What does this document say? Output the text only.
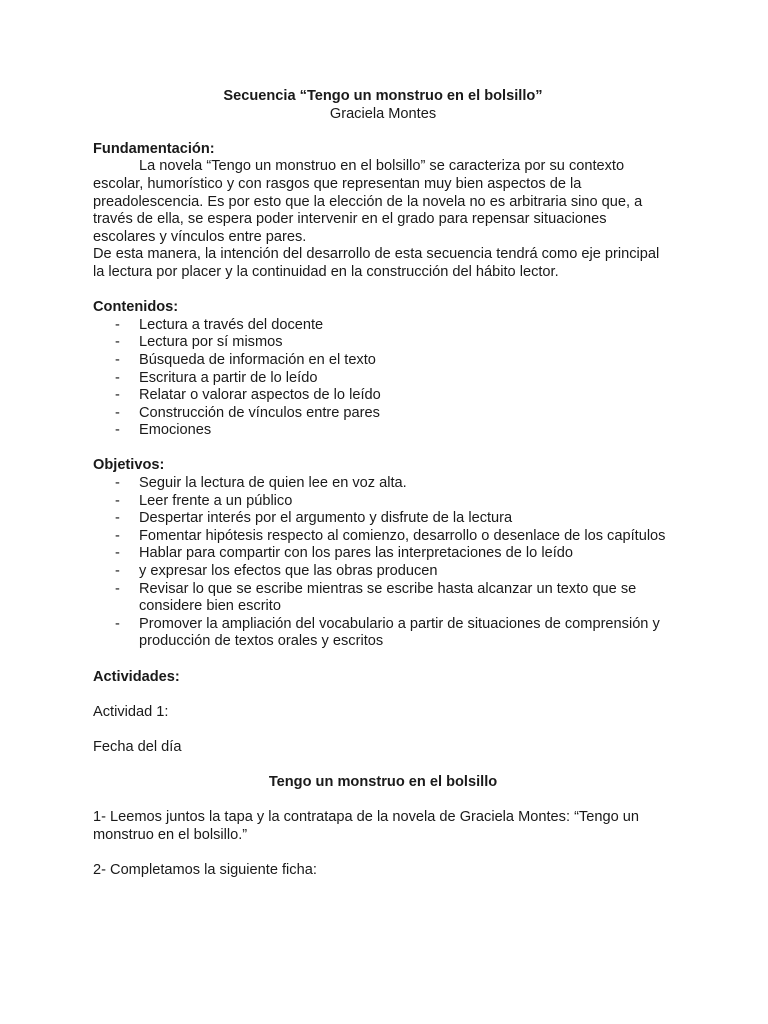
Secuencia “Tengo un monstruo en el bolsillo”

Graciela Montes

Fundamentación:

La novela “Tengo un monstruo en el bolsillo” se caracteriza por su contexto escolar, humorístico y con rasgos que representan muy bien aspectos de la preadolescencia. Es por esto que la elección de la novela no es arbitraria sino que, a través de ella, se espera poder intervenir en el grado para repensar situaciones escolares y vínculos entre pares.

De esta manera, la intención del desarrollo de esta secuencia tendrá como eje principal la lectura por placer y la continuidad en la construcción del hábito lector.

Contenidos:

- Lectura a través del docente
- Lectura por sí mismos
- Búsqueda de información en el texto
- Escritura a partir de lo leído
- Relatar o valorar aspectos de lo leído
- Construcción de vínculos entre pares
- Emociones

Objetivos:

- Seguir la lectura de quien lee en voz alta.
- Leer frente a un público
- Despertar interés por el argumento y disfrute de la lectura
- Fomentar hipótesis respecto al comienzo, desarrollo o desenlace de los capítulos
- Hablar para compartir con los pares las interpretaciones de lo leído
- y expresar los efectos que las obras producen
- Revisar lo que se escribe mientras se escribe hasta alcanzar un texto que se considere bien escrito
- Promover la ampliación del vocabulario a partir de situaciones de comprensión y producción de textos orales y escritos

Actividades:

Actividad 1:

Fecha del día

Tengo un monstruo en el bolsillo

1- Leemos juntos la tapa y la contratapa de la novela de Graciela Montes: “Tengo un monstruo en el bolsillo.”

2- Completamos la siguiente ficha:
